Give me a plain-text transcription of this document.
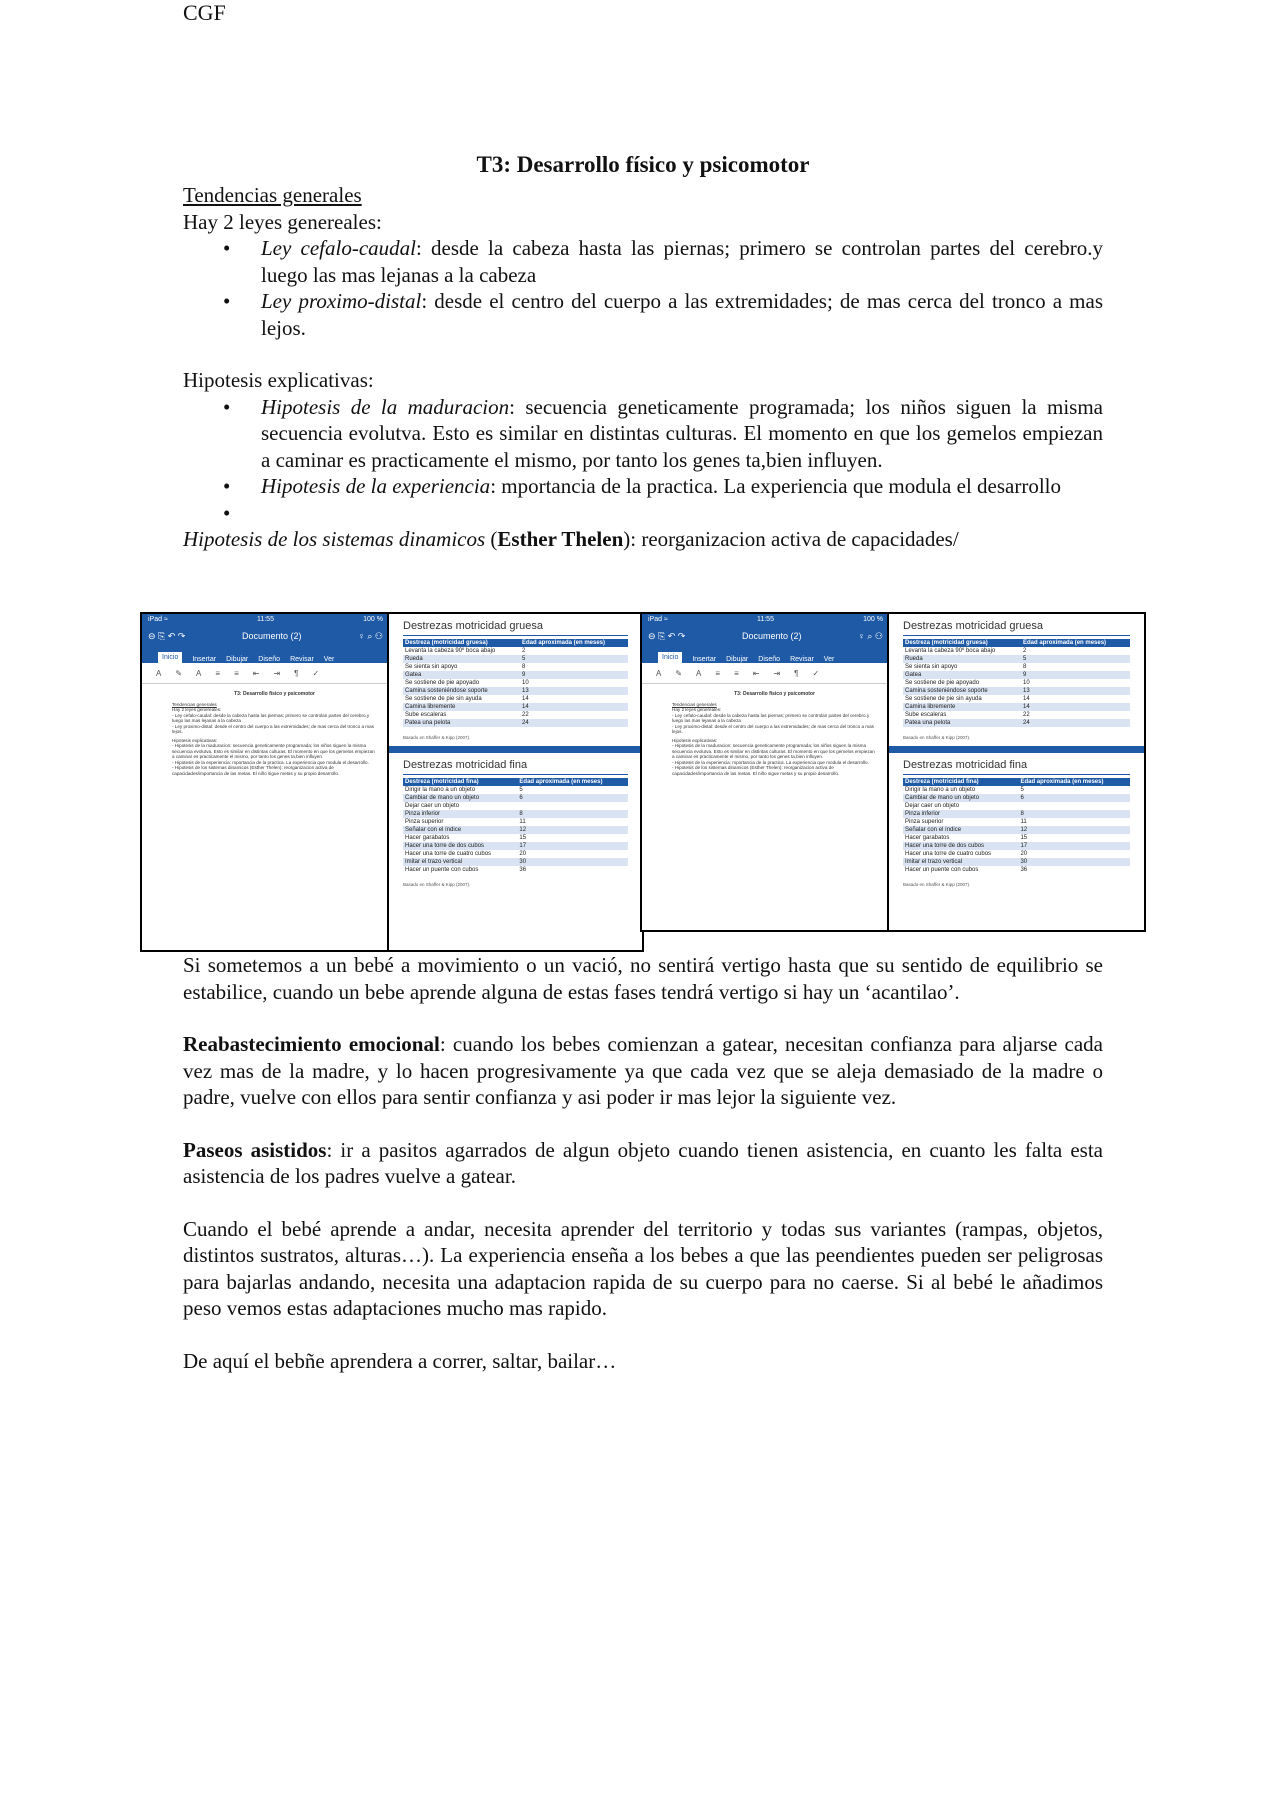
CGF
T3: Desarrollo físico y psicomotor

Tendencias generales

Hay 2 leyes genereales:

• Ley cefalo-caudal: desde la cabeza hasta las piernas; primero se controlan partes del cerebro.y luego las mas lejanas a la cabeza
• Ley proximo-distal: desde el centro del cuerpo a las extremidades; de mas cerca del tronco a mas lejos.

Hipotesis explicativas:

• Hipotesis de la maduracion: secuencia geneticamente programada; los niños siguen la misma secuencia evolutva. Esto es similar en distintas culturas. El momento en que los gemelos empiezan a caminar es practicamente el mismo, por tanto los genes ta,bien influyen.
• Hipotesis de la experiencia: mportancia de la practica. La experiencia que modula el desarrollo
•

Hipotesis de los sistemas dinamicos (Esther Thelen): reorganizacion activa de capacidades/

iPad ≈	11:55	100 %
⊖ ⎘ ↶ ↷	Documento (2)	♀ ⌕ ⚇
Inicio	Insertar Dibujar Diseño Revisar Ver
A ✎ A ≡ ≡ ⇤ ⇥ ¶ ✓
T3: Desarrollo físico y psicomotor
Tendencias generales
Hay 2 leyes genereales:
- Ley cefalo-caudal: desde la cabeza hasta las piernas; primero se controlan partes del cerebro.y luego las mas lejanas a la cabeza
- Ley proximo-distal: desde el centro del cuerpo a las extremidades; de mas cerca del tronco a mas lejos.
Hipotesis explicativas:
- Hipotesis de la maduracion: secuencia geneticamente programada; los niños siguen la misma secuencia evolutva. Esto es similar en distintas culturas. El momento en que los gemelos empiezan a caminar es practicamente el mismo, por tanto los genes ta,bien influyen.
- Hipotesis de la experiencia: mportancia de la practica. La experiencia que modula el desarrollo.
- Hipotesis de los sistemas dinamicos (Esther Thelen): reorganizacion activa de capacidades/importancia de las metas. El niño sigue metas y su propio desarrollo.
Destrezas motricidad gruesa
Destreza (motricidad gruesa)	Edad aproximada (en meses)
Levanta la cabeza 90º boca abajo	2
Rueda	5
Se sienta sin apoyo	8
Gatea	9
Se sostiene de pie apoyado	10
Camina sosteniéndose soporte	13
Se sostiene de pie sin ayuda	14
Camina libremente	14
Sube escaleras	22
Patea una pelota	24
Basado en Shaffer & Kipp (2007).
Destrezas motricidad fina
Destreza (motricidad fina)	Edad aproximada (en meses)
Dirigir la mano a un objeto	5
Cambiar de mano un objeto	6
Dejar caer un objeto	
Pinza inferior	8
Pinza superior	11
Señalar con el índice	12
Hacer garabatos	15
Hacer una torre de dos cubos	17
Hacer una torre de cuatro cubos	20
Imitar el trazo vertical	30
Hacer un puente con cubos	36
Basado en Shaffer & Kipp (2007).
iPad ≈	11:55	100 %
⊖ ⎘ ↶ ↷	Documento (2)	♀ ⌕ ⚇
Inicio	Insertar Dibujar Diseño Revisar Ver
A ✎ A ≡ ≡ ⇤ ⇥ ¶ ✓
T3: Desarrollo físico y psicomotor
Tendencias generales
Hay 2 leyes genereales:
- Ley cefalo-caudal: desde la cabeza hasta las piernas; primero se controlan partes del cerebro.y luego las mas lejanas a la cabeza
- Ley proximo-distal: desde el centro del cuerpo a las extremidades; de mas cerca del tronco a mas lejos.
Hipotesis explicativas:
- Hipotesis de la maduracion: secuencia geneticamente programada; los niños siguen la misma secuencia evolutva. Esto es similar en distintas culturas. El momento en que los gemelos empiezan a caminar es practicamente el mismo, por tanto los genes ta,bien influyen.
- Hipotesis de la experiencia: mportancia de la practica. La experiencia que modula el desarrollo.
- Hipotesis de los sistemas dinamicos (Esther Thelen): reorganizacion activa de capacidades/importancia de las metas. El niño sigue metas y su propio desarrollo.
Destrezas motricidad gruesa
Destreza (motricidad gruesa)	Edad aproximada (en meses)
Levanta la cabeza 90º boca abajo	2
Rueda	5
Se sienta sin apoyo	8
Gatea	9
Se sostiene de pie apoyado	10
Camina sosteniéndose soporte	13
Se sostiene de pie sin ayuda	14
Camina libremente	14
Sube escaleras	22
Patea una pelota	24
Basado en Shaffer & Kipp (2007).
Destrezas motricidad fina
Destreza (motricidad fina)	Edad aproximada (en meses)
Dirigir la mano a un objeto	5
Cambiar de mano un objeto	6
Dejar caer un objeto	
Pinza inferior	8
Pinza superior	11
Señalar con el índice	12
Hacer garabatos	15
Hacer una torre de dos cubos	17
Hacer una torre de cuatro cubos	20
Imitar el trazo vertical	30
Hacer un puente con cubos	36
Basado en Shaffer & Kipp (2007).

Si sometemos a un bebé a movimiento o un vació, no sentirá vertigo hasta que su sentido de equilibrio se estabilice, cuando un bebe aprende alguna de estas fases tendrá vertigo si hay un ‘acantilao’.

Reabastecimiento emocional: cuando los bebes comienzan a gatear, necesitan confianza para aljarse cada vez mas de la madre, y lo hacen progresivamente ya que cada vez que se aleja demasiado de la madre o padre, vuelve con ellos para sentir confianza y asi poder ir mas lejor la siguiente vez.

Paseos asistidos: ir a pasitos agarrados de algun objeto cuando tienen asistencia, en cuanto les falta esta asistencia de los padres vuelve a gatear.

Cuando el bebé aprende a andar, necesita aprender del territorio y todas sus variantes (rampas, objetos, distintos sustratos, alturas…). La experiencia enseña a los bebes a que las peendientes pueden ser peligrosas para bajarlas andando, necesita una adaptacion rapida de su cuerpo para no caerse. Si al bebé le añadimos peso vemos estas adaptaciones mucho mas rapido.

De aquí el bebñe aprendera a correr, saltar, bailar…
